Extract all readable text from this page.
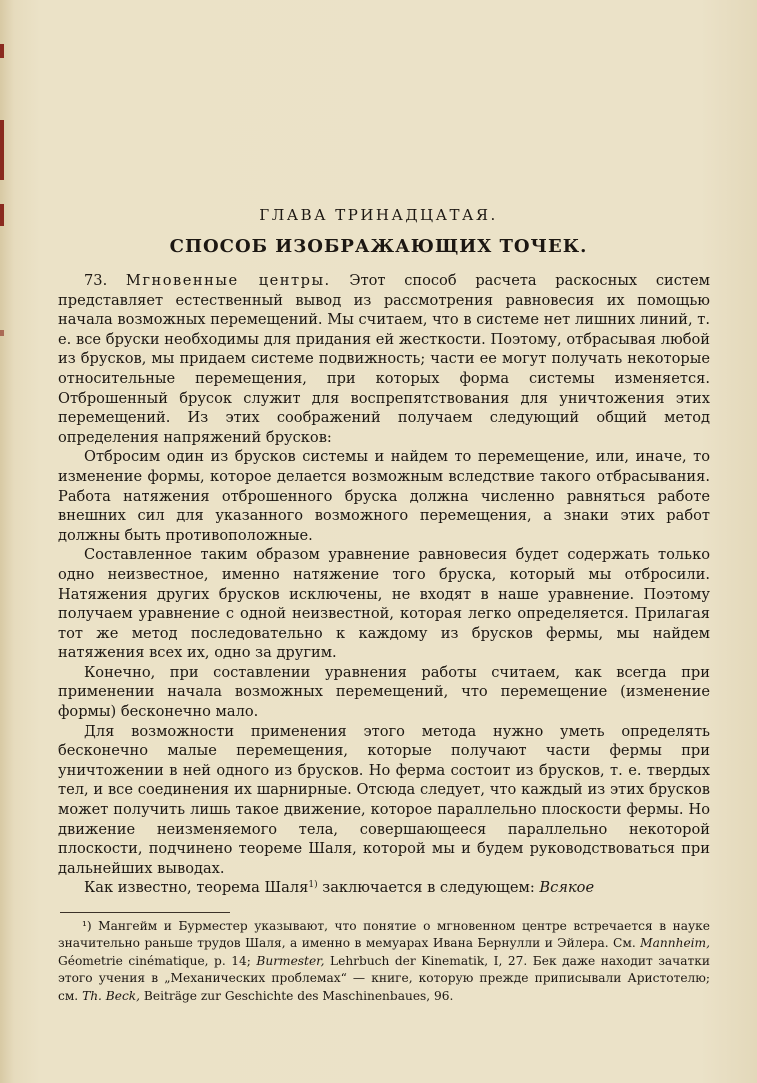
ГЛАВА ТРИНАДЦАТАЯ.
СПОСОБ ИЗОБРАЖАЮЩИХ ТОЧЕК.

73. Мгновенные центры. Этот способ расчета раскосных систем представляет естественный вывод из рассмотрения равновесия их помощью начала возможных перемещений. Мы считаем, что в системе нет лишних линий, т. е. все бруски необходимы для придания ей жесткости. Поэтому, отбрасывая любой из брусков, мы придаем системе подвижность; части ее могут получать некоторые относительные перемещения, при которых форма системы изменяется. Отброшенный брусок служит для воспрепятствования для уничтожения этих перемещений. Из этих соображений получаем следующий общий метод определения напряжений брусков:

Отбросим один из брусков системы и найдем то перемещение, или, иначе, то изменение формы, которое делается возможным вследствие такого отбрасывания. Работа натяжения отброшенного бруска должна численно равняться работе внешних сил для указанного возможного перемещения, а знаки этих работ должны быть противоположные.

Составленное таким образом уравнение равновесия будет содержать только одно неизвестное, именно натяжение того бруска, который мы отбросили. Натяжения других брусков исключены, не входят в наше уравнение. Поэтому получаем уравнение с одной неизвестной, которая легко определяется. Прилагая тот же метод последовательно к каждому из брусков фермы, мы найдем натяжения всех их, одно за другим.

Конечно, при составлении уравнения работы считаем, как всегда при применении начала возможных перемещений, что перемещение (изменение формы) бесконечно мало.

Для возможности применения этого метода нужно уметь определять бесконечно малые перемещения, которые получают части фермы при уничтожении в ней одного из брусков. Но ферма состоит из брусков, т. е. твердых тел, и все соединения их шарнирные. Отсюда следует, что каждый из этих брусков может получить лишь такое движение, которое параллельно плоскости фермы. Но движение неизменяемого тела, совершающееся параллельно некоторой плоскости, подчинено теореме Шаля, которой мы и будем руководствоваться при дальнейших выводах.

Как известно, теорема Шаля$^{1)}$ заключается в следующем: Всякое

¹) Мангейм и Бурместер указывают, что понятие о мгновенном центре встречается в науке значительно раньше трудов Шаля, а именно в мемуарах Ивана Бернулли и Эйлера. См. Mannheim, Géometrie cinématique, p. 14; Burmester, Lehrbuch der Kinematik, I, 27. Бек даже находит зачатки этого учения в „Механических проблемах“ — книге, которую прежде приписывали Аристотелю; см. Th. Beck, Beiträge zur Geschichte des Maschinenbaues, 96.
